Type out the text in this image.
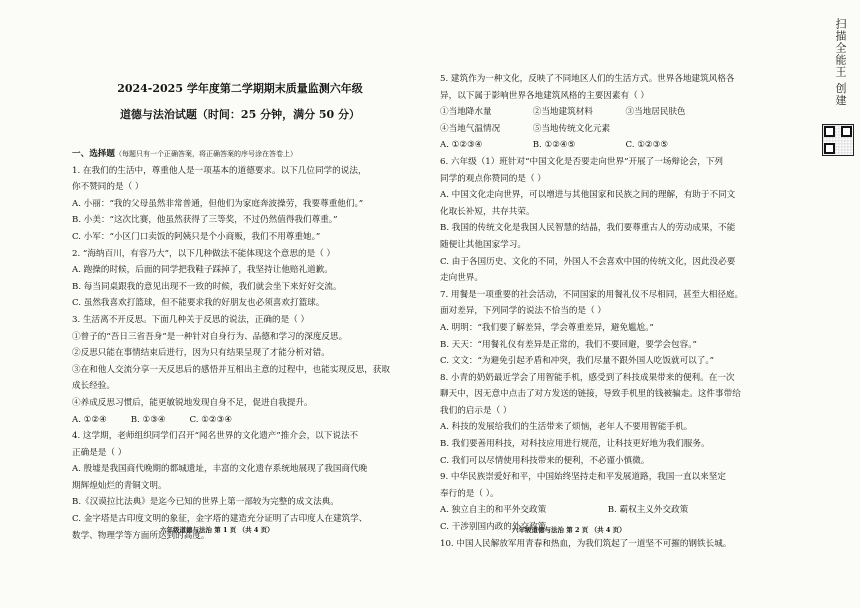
2024-2025 学年度第二学期期末质量监测六年级
道德与法治试题（时间：25 分钟，满分 50 分）

一、选择题（每题只有一个正确答案，将正确答案的序号涂在答卷上）

1. 在我们的生活中，尊重他人是一项基本的道德要求。以下几位同学的说法，

你不赞同的是（ ）

A. 小丽：“我的父母虽然非常普通，但他们为家庭奔波操劳，我要尊重他们。”

B. 小美：“这次比赛，他虽然获得了三等奖，不过仍然值得我们尊重。”

C. 小军：“小区门口卖饭的阿姨只是个小商贩，我们不用尊重她。”

2. “海纳百川，有容乃大”，以下几种做法不能体现这个意思的是（ ）

A. 跑操的时候，后面的同学把我鞋子踩掉了，我坚持让他赔礼道歉。

B. 每当同桌跟我的意见出现不一致的时候，我们就会坐下来好好交流。

C. 虽然我喜欢打篮球，但不能要求我的好朋友也必须喜欢打篮球。

3. 生活离不开反思。下面几种关于反思的说法，正确的是（ ）

①曾子的“吾日三省吾身”是一种针对自身行为、品德和学习的深度反思。

②反思只能在事情结束后进行，因为只有结果呈现了才能分析对错。

③在和他人交流分享一天反思后的感悟并互相出主意的过程中，也能实现反思，获取

成长经验。

④养成反思习惯后，能更敏锐地发现自身不足，促进自我提升。

A. ①②④	B. ①③④	C. ①②③④

4. 这学期，老师组织同学们召开“闻名世界的文化遗产”推介会，以下说法不

正确是是（ ）

A. 殷墟是我国商代晚期的都城遗址，丰富的文化遗存系统地展现了我国商代晚

期辉煌灿烂的青铜文明。

B.《汉谟拉比法典》是迄今已知的世界上第一部较为完整的成文法典。

C. 金字塔是古印度文明的象征，金字塔的建造充分证明了古印度人在建筑学、

数学、物理学等方面所达到的高度。

六年级道德与法治 第 1 页 （共 4 页）

5. 建筑作为一种文化，反映了不同地区人们的生活方式。世界各地建筑风格各

异，以下属于影响世界各地建筑风格的主要因素有（ ）

①当地降水量	②当地建筑材料	③当地居民肤色

④当地气温情况	⑤当地传统文化元素

A. ①②③④	B. ①②④⑤	C. ①②③⑤

6. 六年级（1）班针对“中国文化是否要走向世界”开展了一场辩论会，下列

同学的观点你赞同的是（ ）

A. 中国文化走向世界，可以增进与其他国家和民族之间的理解，有助于不同文

化取长补短，共存共荣。

B. 我国的传统文化是我国人民智慧的结晶，我们要尊重古人的劳动成果，不能

随便让其他国家学习。

C. 由于各国历史、文化的不同，外国人不会喜欢中国的传统文化，因此没必要

走向世界。

7. 用餐是一项重要的社会活动，不同国家的用餐礼仪不尽相同，甚至大相径庭。

面对差异，下列同学的说法不恰当的是（ ）

A. 明明：“我们要了解差异，学会尊重差异，避免尴尬。”

B. 天天：“用餐礼仪有差异是正常的，我们不要回避，要学会包容。”

C. 文文：“为避免引起矛盾和冲突，我们尽量不跟外国人吃饭就可以了。”

8. 小青的奶奶最近学会了用智能手机，感受到了科技成果带来的便利。在一次

聊天中，因无意中点击了对方发送的链接，导致手机里的钱被骗走。这件事带给

我们的启示是（ ）

A. 科技的发展给我们的生活带来了烦恼，老年人不要用智能手机。

B. 我们要善用科技，对科技应用进行规范，让科技更好地为我们服务。

C. 我们可以尽情使用科技带来的便利，不必谨小慎微。

9. 中华民族崇爱好和平，中国始终坚持走和平发展道路，我国一直以来坚定

奉行的是（ ）。

A. 独立自主的和平外交政策	B. 霸权主义外交政策

C. 干涉别国内政的外交政策

10. 中国人民解放军用青春和热血，为我们筑起了一道坚不可摧的钢铁长城。

六年级道德与法治 第 2 页 （共 4 页）
扫描全能王 创建
